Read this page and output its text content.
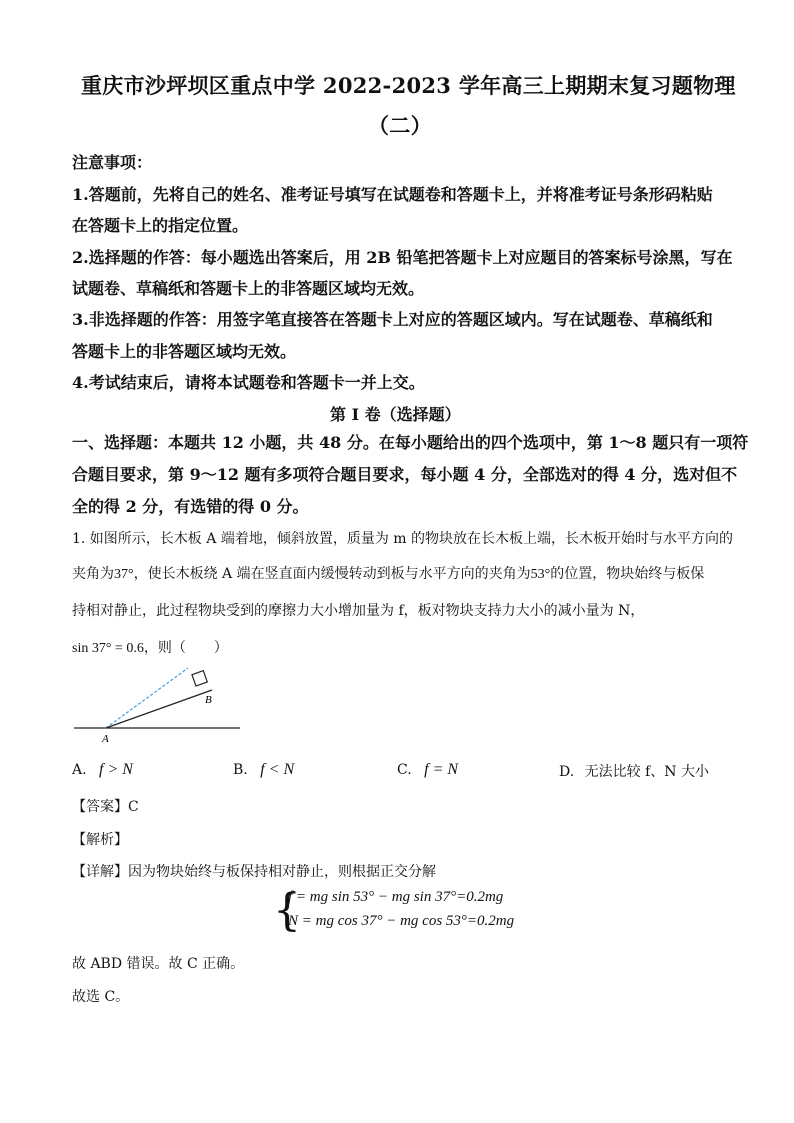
重庆市沙坪坝区重点中学 2022-2023 学年高三上期期末复习题物理
（二）
注意事项：
1.答题前，先将自己的姓名、准考证号填写在试题卷和答题卡上，并将准考证号条形码粘贴
在答题卡上的指定位置。
2.选择题的作答：每小题选出答案后，用 2B 铅笔把答题卡上对应题目的答案标号涂黑，写在
试题卷、草稿纸和答题卡上的非答题区域均无效。
3.非选择题的作答：用签字笔直接答在答题卡上对应的答题区域内。写在试题卷、草稿纸和
答题卡上的非答题区域均无效。
4.考试结束后，请将本试题卷和答题卡一并上交。
第 I 卷（选择题）
一、选择题：本题共 12 小题，共 48 分。在每小题给出的四个选项中，第 1～8 题只有一项符
合题目要求，第 9～12 题有多项符合题目要求，每小题 4 分，全部选对的得 4 分，选对但不
全的得 2 分，有选错的得 0 分。
1. 如图所示，长木板 A 端着地，倾斜放置，质量为 m 的物块放在长木板上端，长木板开始时与水平方向的
夹角为37°，使长木板绕 A 端在竖直面内缓慢转动到板与水平方向的夹角为53°的位置，物块始终与板保
持相对静止，此过程物块受到的摩擦力大小增加量为 f，板对物块支持力大小的减小量为 N，
sin 37° = 0.6，则（　　）
A
B
A. f > N	B. f < N	C. f = N	D. 无法比较 f、N 大小
【答案】C
【解析】
【详解】因为物块始终与板保持相对静止，则根据正交分解
{
f = mg sin 53° − mg sin 37°=0.2mg
N = mg cos 37° − mg cos 53°=0.2mg
故 ABD 错误。故 C 正确。
故选 C。
